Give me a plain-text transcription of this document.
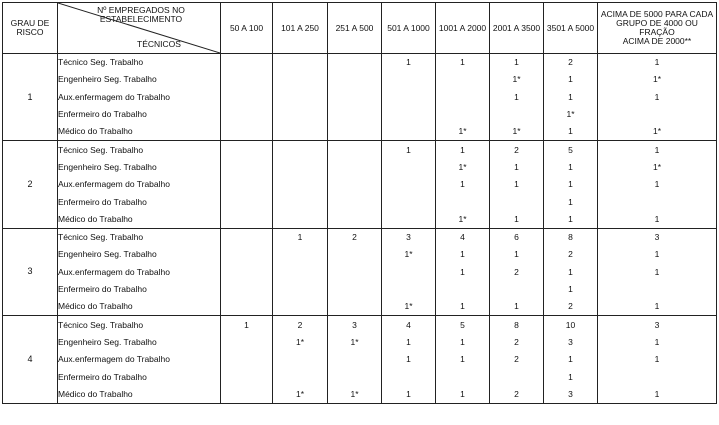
GRAU DE
RISCO	Nº EMPREGADOS NO
ESTABELECIMENTO
TÉCNICOS	50 A 100	101 A 250	251 A 500	501 A 1000	1001 A 2000	2001 A 3500	3501 A 5000	ACIMA DE 5000 PARA CADA
GRUPO DE 4000 OU FRAÇÃO
ACIMA DE 2000**
1	Técnico Seg. Trabalho				1	1	1	2	1
	Engenheiro Seg. Trabalho						1*	1	1*
	Aux.enfermagem do Trabalho						1	1	1
	Enfermeiro do Trabalho							1*	
	Médico do Trabalho					1*	1*	1	1*
2	Técnico Seg. Trabalho				1	1	2	5	1
	Engenheiro Seg. Trabalho					1*	1	1	1*
	Aux.enfermagem do Trabalho					1	1	1	1
	Enfermeiro do Trabalho							1	
	Médico do Trabalho					1*	1	1	1
3	Técnico Seg. Trabalho		1	2	3	4	6	8	3
	Engenheiro Seg. Trabalho				1*	1	1	2	1
	Aux.enfermagem do Trabalho					1	2	1	1
	Enfermeiro do Trabalho							1	
	Médico do Trabalho				1*	1	1	2	1
4	Técnico Seg. Trabalho	1	2	3	4	5	8	10	3
	Engenheiro Seg. Trabalho		1*	1*	1	1	2	3	1
	Aux.enfermagem do Trabalho				1	1	2	1	1
	Enfermeiro do Trabalho							1	
	Médico do Trabalho		1*	1*	1	1	2	3	1
